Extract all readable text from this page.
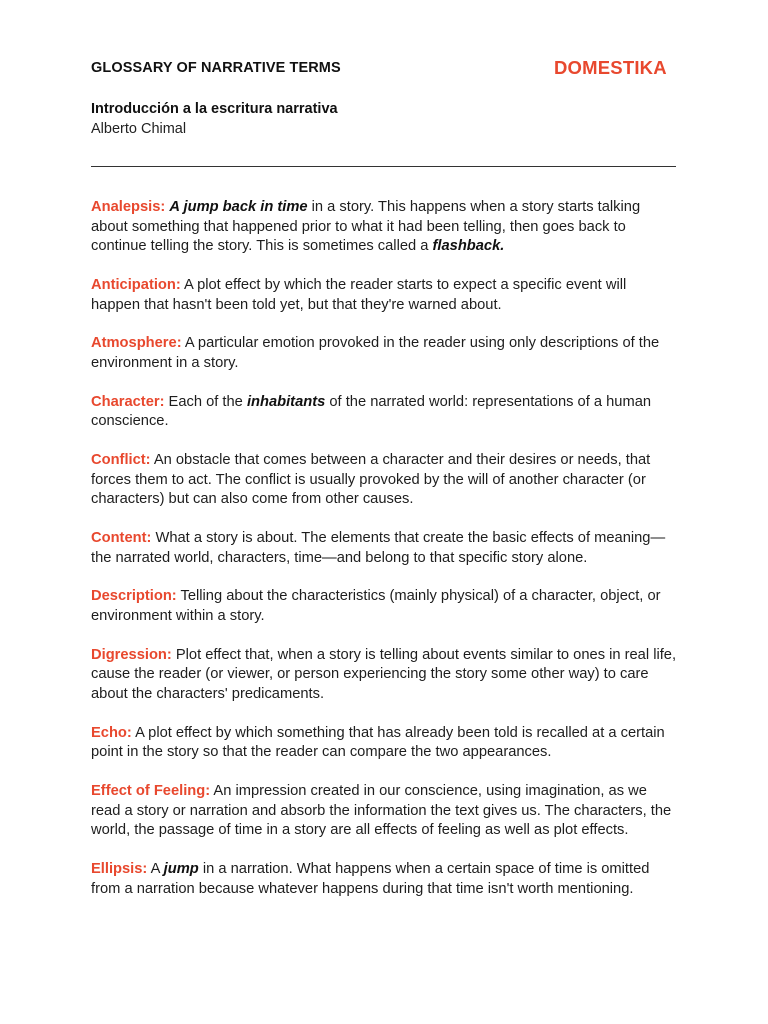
GLOSSARY OF NARRATIVE TERMS	DOMESTIKA
Introducción a la escritura narrativa
Alberto Chimal

Analepsis: A jump back in time in a story. This happens when a story starts talking about something that happened prior to what it had been telling, then goes back to continue telling the story. This is sometimes called a flashback.

Anticipation: A plot effect by which the reader starts to expect a specific event will happen that hasn't been told yet, but that they're warned about.

Atmosphere: A particular emotion provoked in the reader using only descriptions of the environment in a story.

Character: Each of the inhabitants of the narrated world: representations of a human conscience.

Conflict: An obstacle that comes between a character and their desires or needs, that forces them to act. The conflict is usually provoked by the will of another character (or characters) but can also come from other causes.

Content: What a story is about. The elements that create the basic effects of meaning—the narrated world, characters, time—and belong to that specific story alone.

Description: Telling about the characteristics (mainly physical) of a character, object, or environment within a story.

Digression: Plot effect that, when a story is telling about events similar to ones in real life, cause the reader (or viewer, or person experiencing the story some other way) to care about the characters' predicaments.

Echo: A plot effect by which something that has already been told is recalled at a certain point in the story so that the reader can compare the two appearances.

Effect of Feeling: An impression created in our conscience, using imagination, as we read a story or narration and absorb the information the text gives us. The characters, the world, the passage of time in a story are all effects of feeling as well as plot effects.

Ellipsis: A jump in a narration. What happens when a certain space of time is omitted from a narration because whatever happens during that time isn't worth mentioning.
